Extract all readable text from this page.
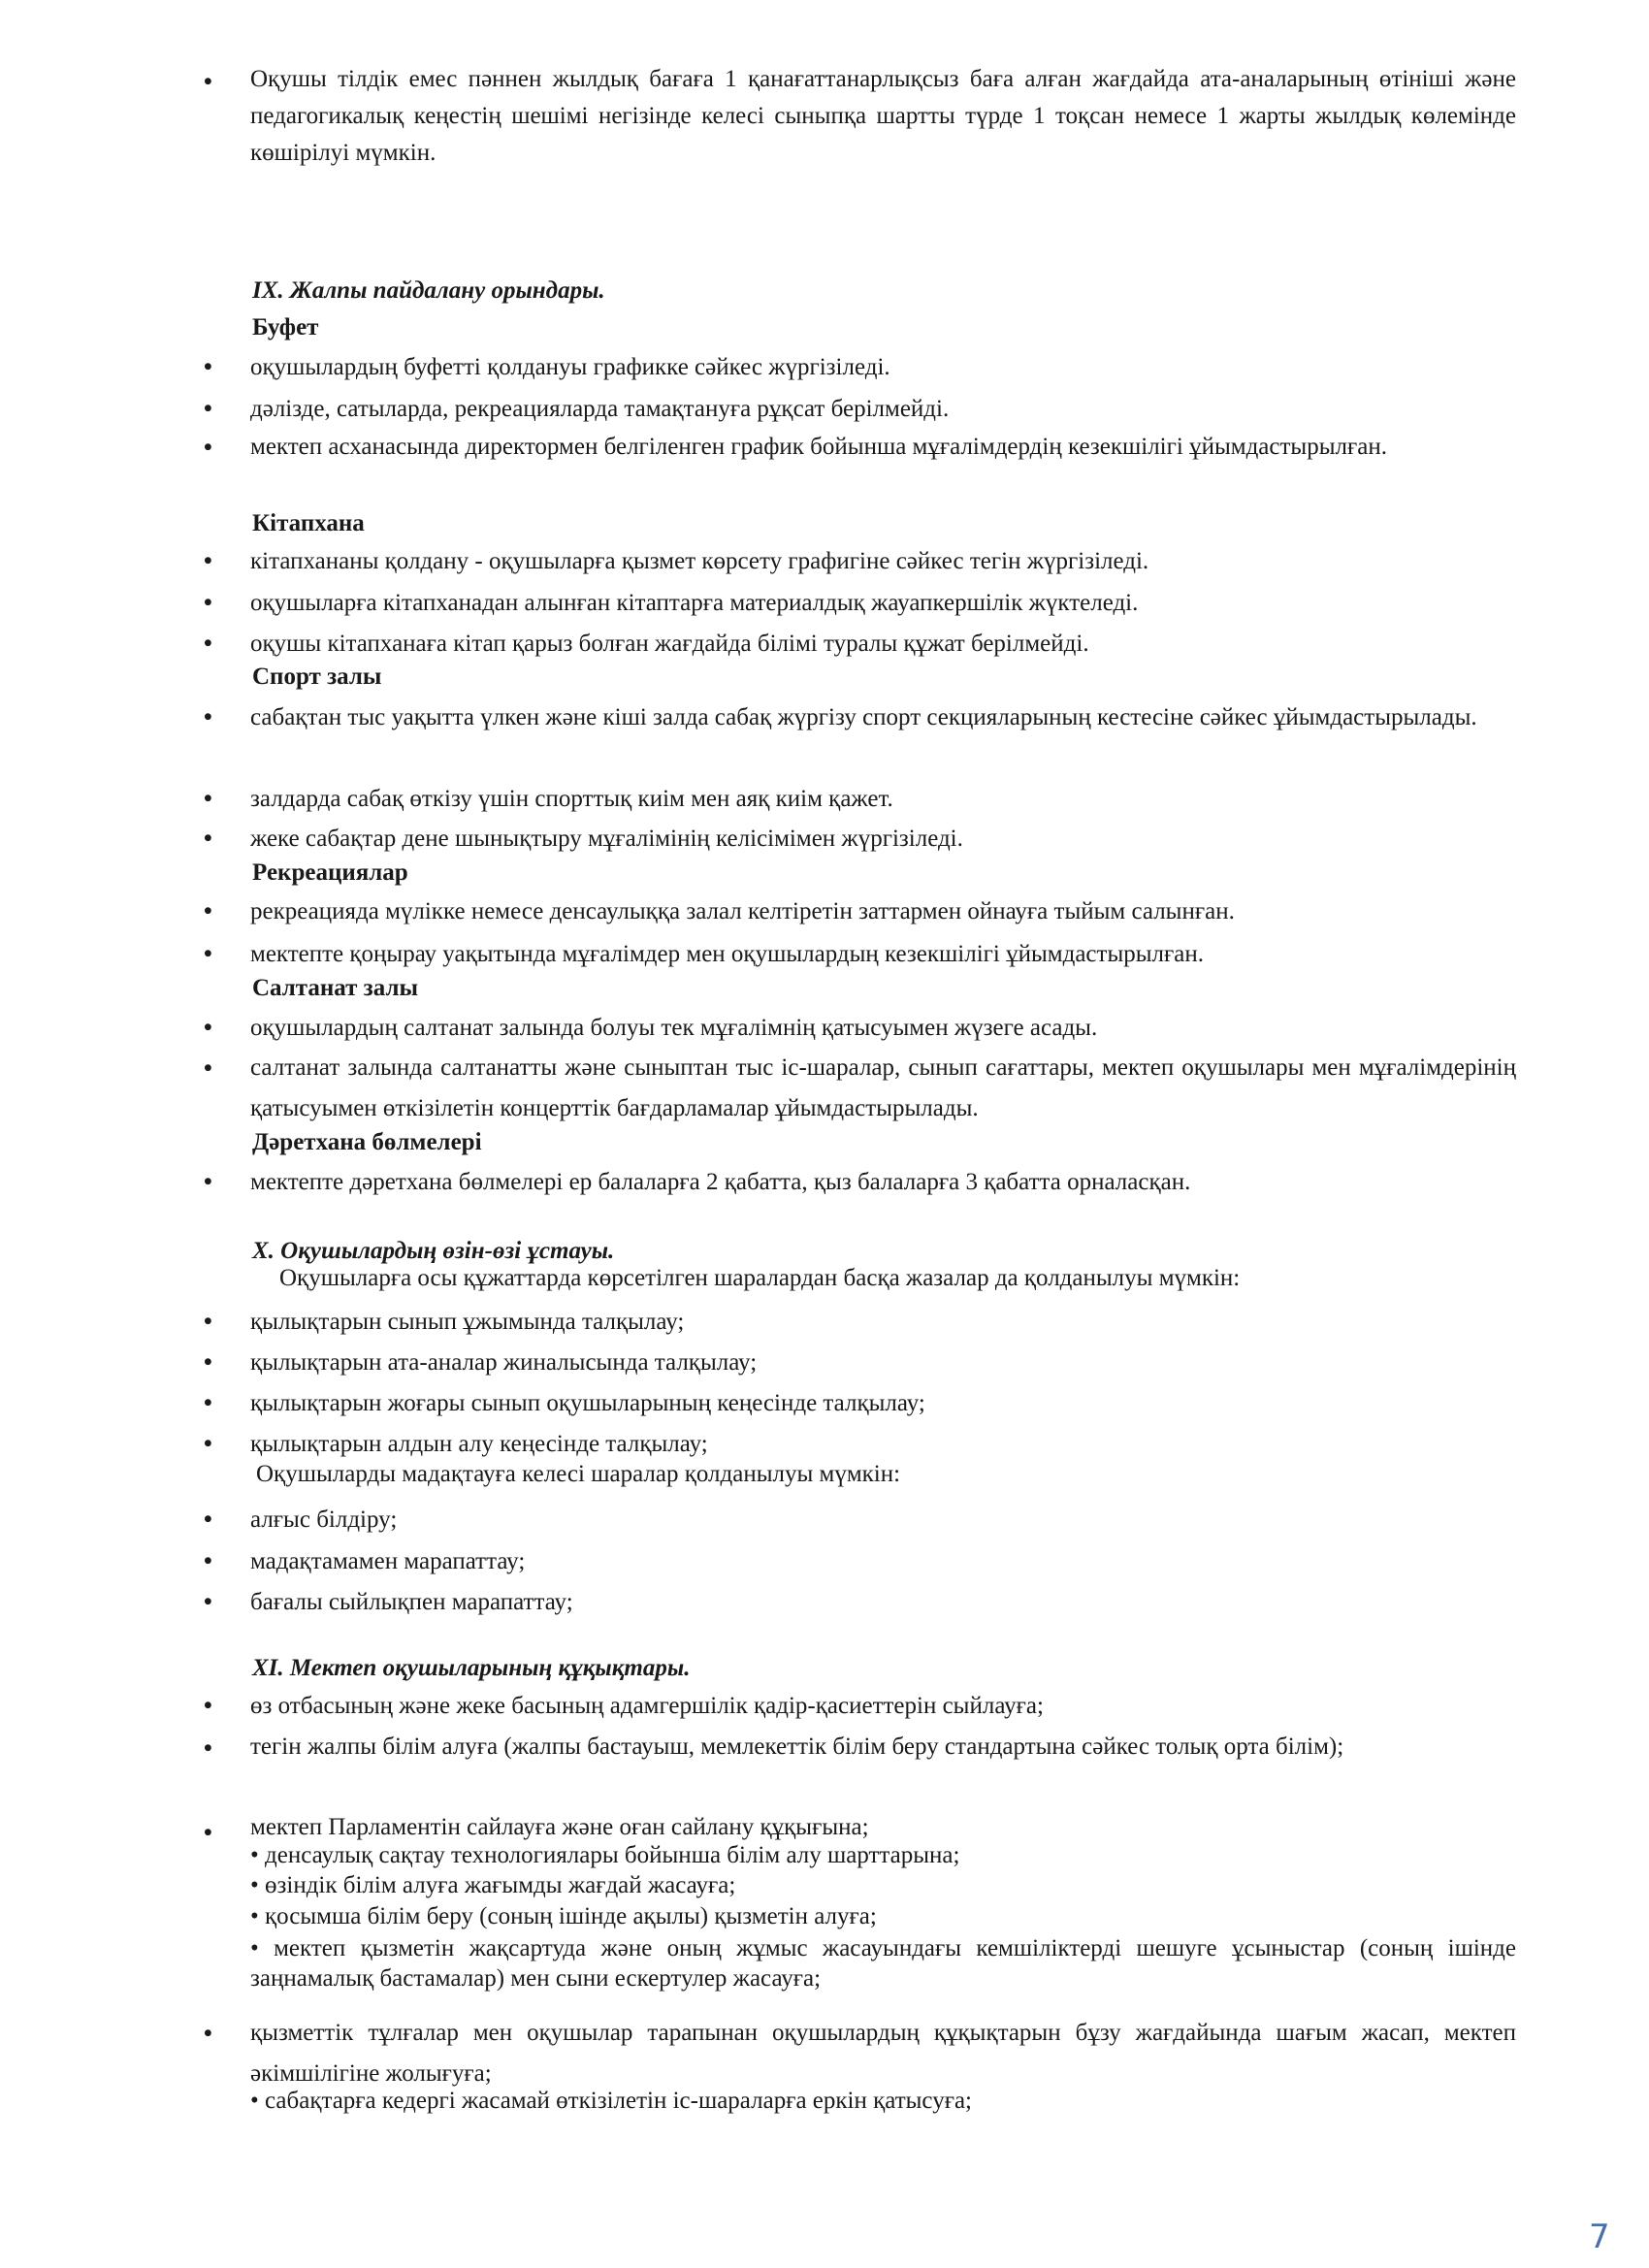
• Оқушы тілдік емес пәннен жылдық бағаға 1 қанағаттанарлықсыз баға алған жағдайда ата-аналарының өтініші және педагогикалық кеңестің шешімі негізінде келесі сыныпқа шартты түрде 1 тоқсан немесе 1 жарты жылдық көлемінде көшірілуі мүмкін.
IX. Жалпы пайдалану орындары.
Буфет
• оқушылардың буфетті қолдануы графикке сәйкес жүргізіледі.
• дәлізде, сатыларда, рекреацияларда тамақтануға рұқсат берілмейді.
• мектеп асханасында директормен белгіленген график бойынша мұғалімдердің кезекшілігі ұйымдастырылған.
Кітапхана
• кітапхананы қолдану - оқушыларға қызмет көрсету графигіне сәйкес тегін жүргізіледі.
• оқушыларға кітапханадан алынған кітаптарға материалдық жауапкершілік жүктеледі.
• оқушы кітапханаға кітап қарыз болған жағдайда білімі туралы құжат берілмейді.
Спорт залы
• сабақтан тыс уақытта үлкен және кіші залда сабақ жүргізу спорт секцияларының кестесіне сәйкес ұйымдастырылады.
• залдарда сабақ өткізу үшін спорттық киім мен аяқ киім қажет.
• жеке сабақтар дене шынықтыру мұғалімінің келісімімен жүргізіледі.
Рекреациялар
• рекреацияда мүлікке немесе денсаулыққа залал келтіретін заттармен ойнауға тыйым салынған.
• мектепте қоңырау уақытында мұғалімдер мен оқушылардың кезекшілігі ұйымдастырылған.
Салтанат залы
• оқушылардың салтанат залында болуы тек мұғалімнің қатысуымен жүзеге асады.
• салтанат залында салтанатты және сыныптан тыс іс-шаралар, сынып сағаттары, мектеп оқушылары мен мұғалімдерінің қатысуымен өткізілетін концерттік бағдарламалар ұйымдастырылады.
Дәретхана бөлмелері
• мектепте дәретхана бөлмелері ер балаларға 2 қабатта, қыз балаларға 3 қабатта орналасқан.
X. Оқушылардың өзін-өзі ұстауы.
Оқушыларға осы құжаттарда көрсетілген шаралардан басқа жазалар да қолданылуы мүмкін:
• қылықтарын сынып ұжымында талқылау;
• қылықтарын ата-аналар жиналысында талқылау;
• қылықтарын жоғары сынып оқушыларының кеңесінде талқылау;
• қылықтарын алдын алу кеңесінде талқылау;
Оқушыларды мадақтауға келесі шаралар қолданылуы мүмкін:
• алғыс білдіру;
• мадақтамамен марапаттау;
• бағалы сыйлықпен марапаттау;
XI. Мектеп оқушыларының құқықтары.
• өз отбасының және жеке басының адамгершілік қадір-қасиеттерін сыйлауға;
• тегін жалпы білім алуға (жалпы бастауыш, мемлекеттік білім беру стандартына сәйкес толық орта білім);
• мектеп Парламентін сайлауға және оған сайлану құқығына;
• денсаулық сақтау технологиялары бойынша білім алу шарттарына;
• өзіндік білім алуға жағымды жағдай жасауға;
• қосымша білім беру (соның ішінде ақылы) қызметін алуға;
• мектеп қызметін жақсартуда және оның жұмыс жасауындағы кемшіліктерді шешуге ұсыныстар (соның ішінде заңнамалық бастамалар) мен сыни ескертулер жасауға;
• қызметтік тұлғалар мен оқушылар тарапынан оқушылардың құқықтарын бұзу жағдайында шағым жасап, мектеп әкімшілігіне жолығуға;
• сабақтарға кедергі жасамай өткізілетін іс-шараларға еркін қатысуға;
7
